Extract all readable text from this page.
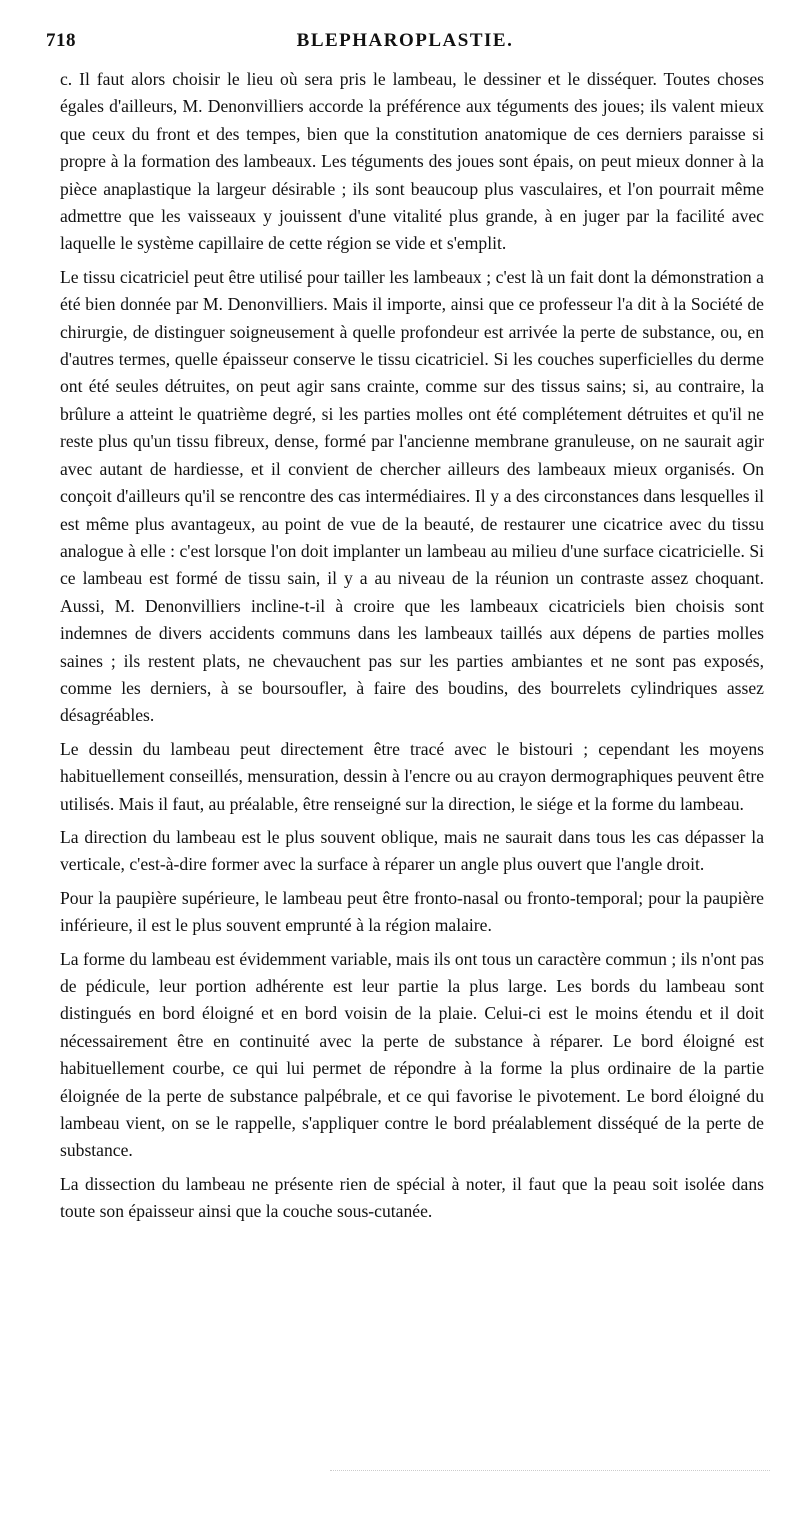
718	BLEPHAROPLASTIE.

c. Il faut alors choisir le lieu où sera pris le lambeau, le dessiner et le disséquer. Toutes choses égales d'ailleurs, M. Denonvilliers accorde la préférence aux téguments des joues; ils valent mieux que ceux du front et des tempes, bien que la constitution anatomique de ces derniers paraisse si propre à la formation des lambeaux. Les téguments des joues sont épais, on peut mieux donner à la pièce anaplastique la largeur désirable ; ils sont beaucoup plus vasculaires, et l'on pourrait même admettre que les vaisseaux y jouissent d'une vitalité plus grande, à en juger par la facilité avec laquelle le système capillaire de cette région se vide et s'emplit.

Le tissu cicatriciel peut être utilisé pour tailler les lambeaux ; c'est là un fait dont la démonstration a été bien donnée par M. Denonvilliers. Mais il importe, ainsi que ce professeur l'a dit à la Société de chirurgie, de distinguer soigneusement à quelle profondeur est arrivée la perte de substance, ou, en d'autres termes, quelle épaisseur conserve le tissu cicatriciel. Si les couches superficielles du derme ont été seules détruites, on peut agir sans crainte, comme sur des tissus sains; si, au contraire, la brûlure a atteint le quatrième degré, si les parties molles ont été complétement détruites et qu'il ne reste plus qu'un tissu fibreux, dense, formé par l'ancienne membrane granuleuse, on ne saurait agir avec autant de hardiesse, et il convient de chercher ailleurs des lambeaux mieux organisés. On conçoit d'ailleurs qu'il se rencontre des cas intermédiaires. Il y a des circonstances dans lesquelles il est même plus avantageux, au point de vue de la beauté, de restaurer une cicatrice avec du tissu analogue à elle : c'est lorsque l'on doit implanter un lambeau au milieu d'une surface cicatricielle. Si ce lambeau est formé de tissu sain, il y a au niveau de la réunion un contraste assez choquant. Aussi, M. Denonvilliers incline-t-il à croire que les lambeaux cicatriciels bien choisis sont indemnes de divers accidents communs dans les lambeaux taillés aux dépens de parties molles saines ; ils restent plats, ne chevauchent pas sur les parties ambiantes et ne sont pas exposés, comme les derniers, à se boursoufler, à faire des boudins, des bourrelets cylindriques assez désagréables.

Le dessin du lambeau peut directement être tracé avec le bistouri ; cependant les moyens habituellement conseillés, mensuration, dessin à l'encre ou au crayon dermographiques peuvent être utilisés. Mais il faut, au préalable, être renseigné sur la direction, le siége et la forme du lambeau.

La direction du lambeau est le plus souvent oblique, mais ne saurait dans tous les cas dépasser la verticale, c'est-à-dire former avec la surface à réparer un angle plus ouvert que l'angle droit.

Pour la paupière supérieure, le lambeau peut être fronto-nasal ou fronto-temporal; pour la paupière inférieure, il est le plus souvent emprunté à la région malaire.

La forme du lambeau est évidemment variable, mais ils ont tous un caractère commun ; ils n'ont pas de pédicule, leur portion adhérente est leur partie la plus large. Les bords du lambeau sont distingués en bord éloigné et en bord voisin de la plaie. Celui-ci est le moins étendu et il doit nécessairement être en continuité avec la perte de substance à réparer. Le bord éloigné est habituellement courbe, ce qui lui permet de répondre à la forme la plus ordinaire de la partie éloignée de la perte de substance palpébrale, et ce qui favorise le pivotement. Le bord éloigné du lambeau vient, on se le rappelle, s'appliquer contre le bord préalablement disséqué de la perte de substance.

La dissection du lambeau ne présente rien de spécial à noter, il faut que la peau soit isolée dans toute son épaisseur ainsi que la couche sous-cutanée.
